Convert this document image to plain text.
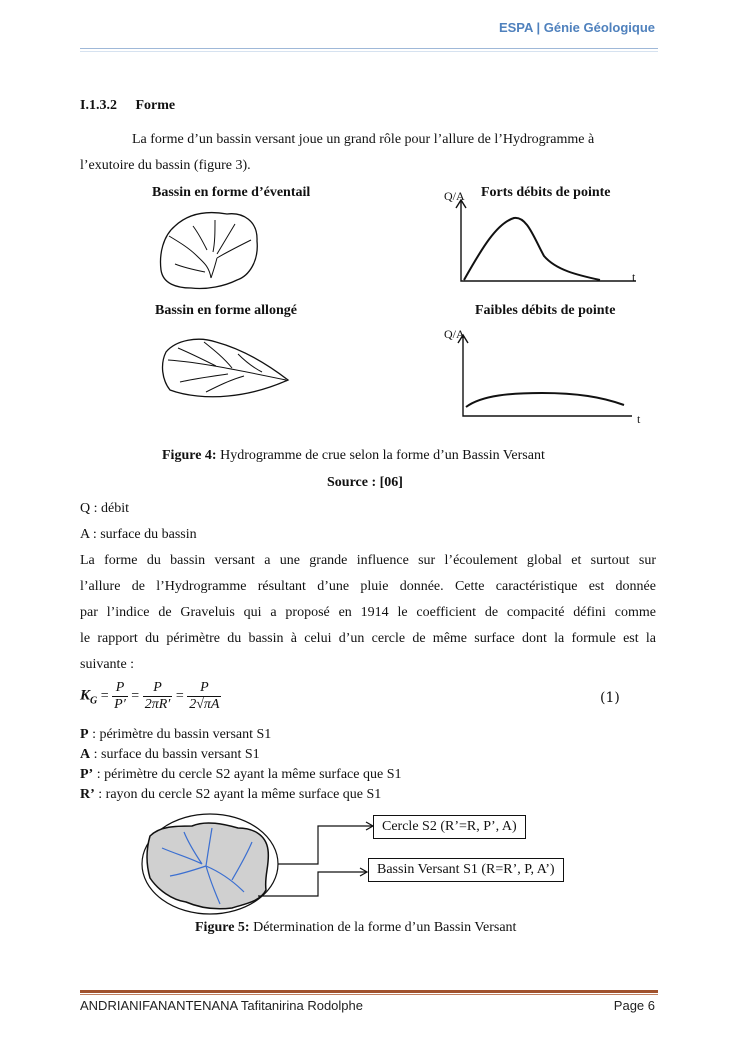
ESPA | Génie Géologique
I.1.3.2 Forme
La forme d’un bassin versant joue un grand rôle pour l’allure de l’Hydrogramme à
l’exutoire du bassin (figure 3).
Bassin en forme d’éventail	Forts débits de pointe
Q/A
t
Bassin en forme allongé	Faibles débits de pointe
Q/A
t
Figure 4: Hydrogramme de crue selon la forme d’un Bassin Versant
Source : [06]
Q : débit
A : surface du bassin
La forme du bassin versant a une grande influence sur l’écoulement global et surtout sur
l’allure de l’Hydrogramme résultant d’une pluie donnée. Cette caractéristique est donnée
par l’indice de Graveluis qui a proposé en 1914 le coefficient de compacité défini comme
le rapport du périmètre du bassin à celui d’un cercle de même surface dont la formule est la
suivante :
$K_G = \frac{P}{P'} = \frac{P}{2\pi R'} = \frac{P}{2√\pi A}$	(1)
P : périmètre du bassin versant S1
A : surface du bassin versant S1
P’ : périmètre du cercle S2 ayant la même surface que S1
R’ : rayon du cercle S2 ayant la même surface que S1
Cercle S2 (R’=R, P’, A)
Bassin Versant S1 (R=R’, P, A’)
Figure 5: Détermination de la forme d’un Bassin Versant
ANDRIANIFANANTENANA Tafitanirina Rodolphe	Page 6
